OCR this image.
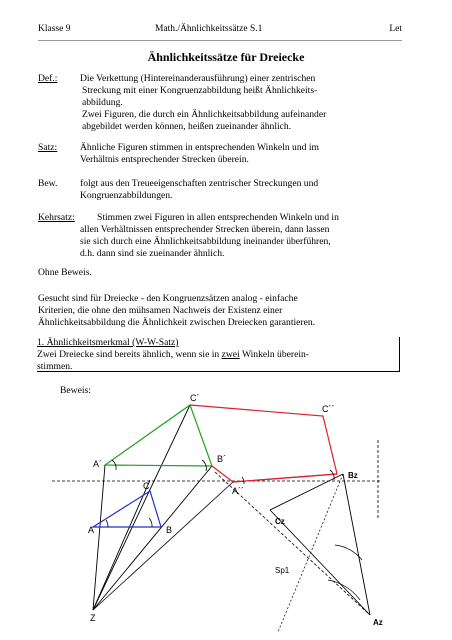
Klasse 9	Math./Ähnlichkeitssätze S.1	Let
Ähnlichkeitssätze für Dreiecke
Def.: Die Verkettung (Hintereinanderausführung) einer zentrischen
Streckung mit einer Kongruenzabbildung heißt Ähnlichkeits-
abbildung.
Zwei Figuren, die durch ein Ähnlichkeitsabbildung aufeinander
abgebildet werden können, heißen zueinander ähnlich.
Satz: Ähnliche Figuren stimmen in entsprechenden Winkeln und im
Verhältnis entsprechender Strecken überein.
Bew. folgt aus den Treueeigenschaften zentrischer Streckungen und
Kongruenzabbildungen.
Kehrsatz: Stimmen zwei Figuren in allen entsprechenden Winkeln und in
allen Verhältnissen entsprechender Strecken überein, dann lassen
sie sich durch eine Ähnlichkeitsabbildung ineinander überführen,
d.h. dann sind sie zueinander ähnlich.
Ohne Beweis.
Gesucht sind für Dreiecke - den Kongruenzsätzen analog - einfache
Kriterien, die ohne den mühsamen Nachweis der Existenz einer
Ähnlichkeitsabbildung die Ähnlichkeit zwischen Dreiecken garantieren.
1. Ähnlichkeitsmerkmal (W-W-Satz)
Zwei Dreiecke sind bereits ähnlich, wenn sie in zwei Winkeln überein-
stimmen.
Beweis:
C´
C´´
B´
A´
A´´
C
A	B
Z
Bz
Cz
Az
Sp1
